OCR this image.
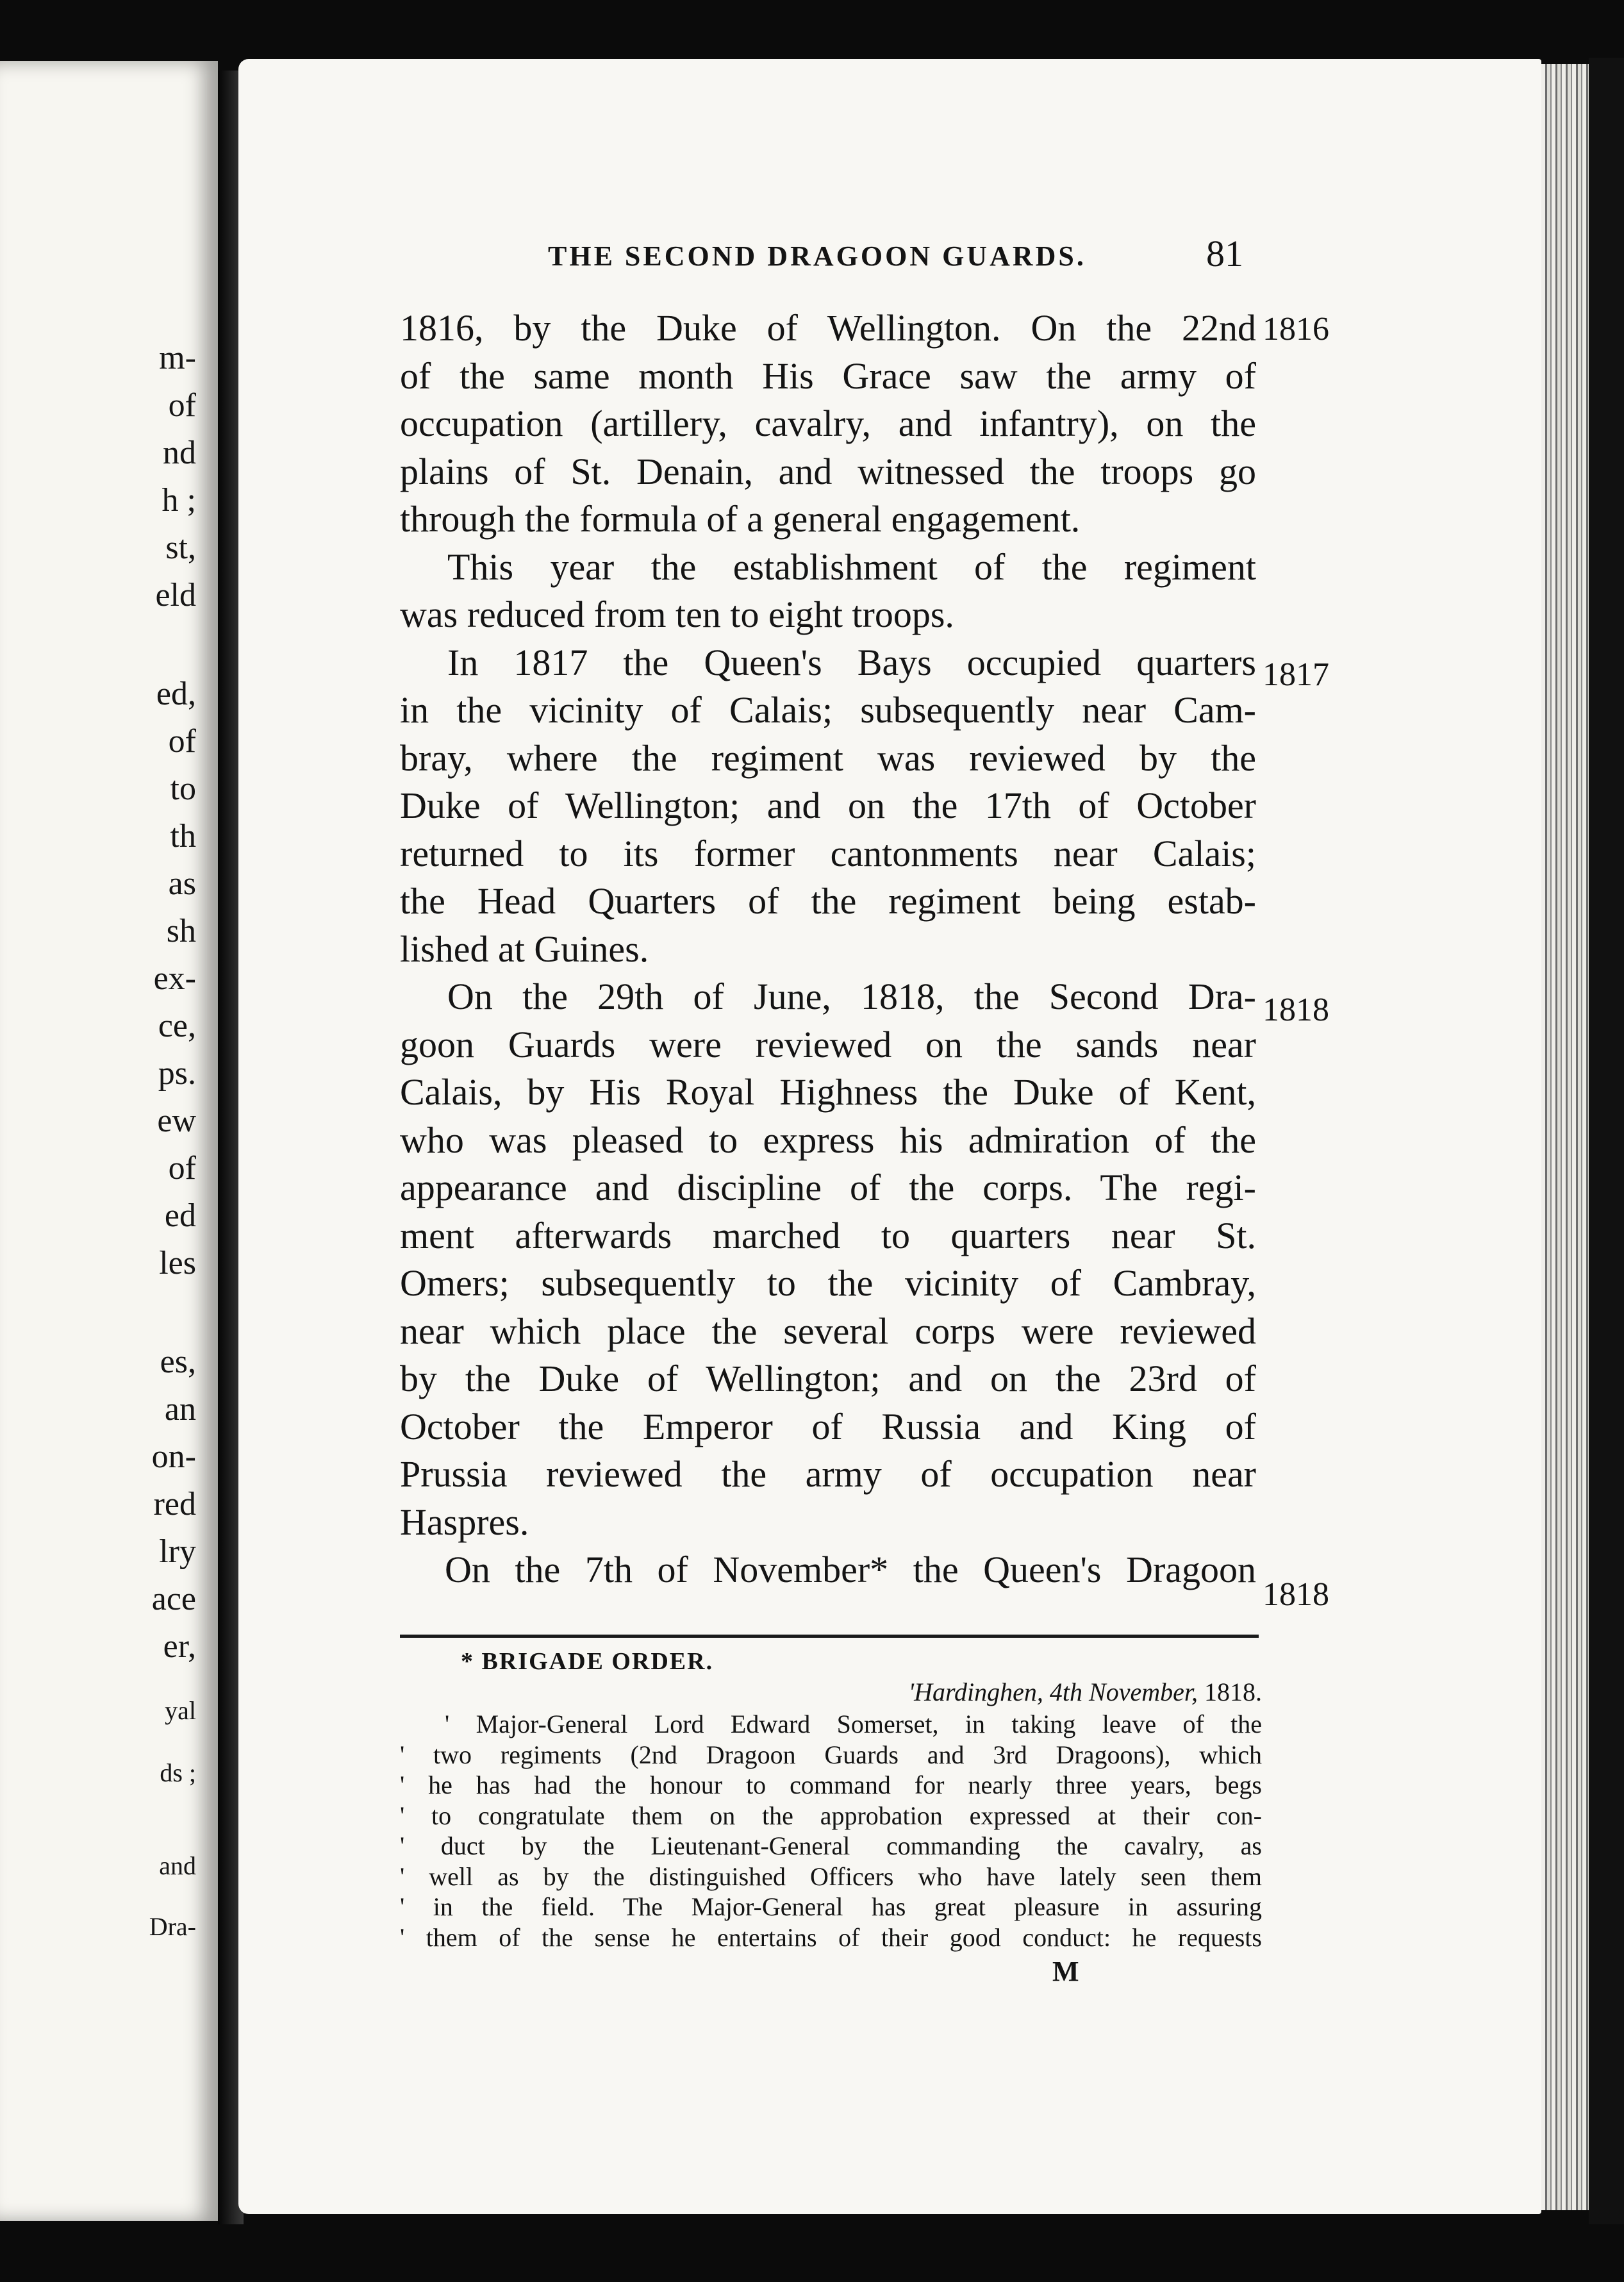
m-
of
nd
h ;
st,
eld
ed,
of
to
th
as
sh
ex-
ce,
ps.
ew
of
ed
les
es,
an
on-
red
lry
ace
er,
yal
ds ;
and
Dra-
THE SECOND DRAGOON GUARDS.	81
1816, by the Duke of Wellington. On the 22nd
of the same month His Grace saw the army of
occupation (artillery, cavalry, and infantry), on the
plains of St. Denain, and witnessed the troops go
through the formula of a general engagement.
This year the establishment of the regiment
was reduced from ten to eight troops.
In 1817 the Queen's Bays occupied quarters
in the vicinity of Calais; subsequently near Cam-
bray, where the regiment was reviewed by the
Duke of Wellington; and on the 17th of October
returned to its former cantonments near Calais;
the Head Quarters of the regiment being estab-
lished at Guines.
On the 29th of June, 1818, the Second Dra-
goon Guards were reviewed on the sands near
Calais, by His Royal Highness the Duke of Kent,
who was pleased to express his admiration of the
appearance and discipline of the corps. The regi-
ment afterwards marched to quarters near St.
Omers; subsequently to the vicinity of Cambray,
near which place the several corps were reviewed
by the Duke of Wellington; and on the 23rd of
October the Emperor of Russia and King of
Prussia reviewed the army of occupation near
Haspres.
On the 7th of November* the Queen's Dragoon
1816
1817
1818
1818
* BRIGADE ORDER.
'Hardinghen, 4th November, 1818.
' Major-General Lord Edward Somerset, in taking leave of the
' two regiments (2nd Dragoon Guards and 3rd Dragoons), which
' he has had the honour to command for nearly three years, begs
' to congratulate them on the approbation expressed at their con-
' duct by the Lieutenant-General commanding the cavalry, as
' well as by the distinguished Officers who have lately seen them
' in the field. The Major-General has great pleasure in assuring
' them of the sense he entertains of their good conduct: he requests
M
